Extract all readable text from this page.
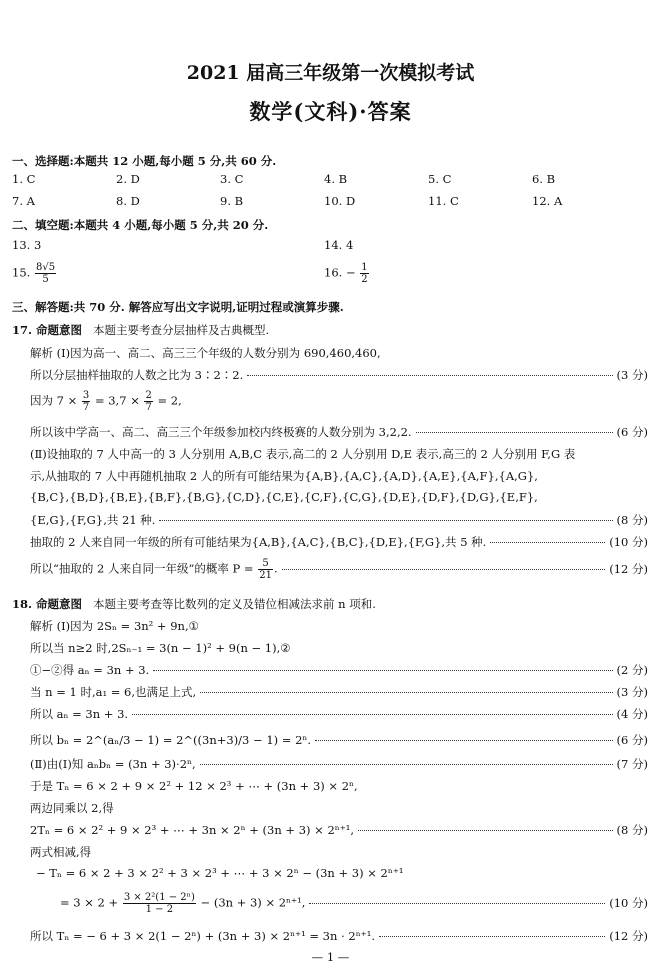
2021 届高三年级第一次模拟考试
数学(文科)·答案
一、选择题:本题共 12 小题,每小题 5 分,共 60 分.
1. C	2. D	3. C	4. B	5. C	6. B
7. A	8. D	9. B	10. D	11. C	12. A
二、填空题:本题共 4 小题,每小题 5 分,共 20 分.
13. 3	14. 4
15. $\frac{8√5}{5}$	16. − $\frac{1}{2}$
三、解答题:共 70 分. 解答应写出文字说明,证明过程或演算步骤.
17. 命题意图 本题主要考查分层抽样及古典概型.
解析 (Ⅰ)因为高一、高二、高三三个年级的人数分别为 690,460,460,
所以分层抽样抽取的人数之比为 3∶2∶2.	(3 分)
因为 $7 \times \frac{3}{7} = 3,7 \times \frac{2}{7} = 2$,
所以该中学高一、高二、高三三个年级参加校内终极赛的人数分别为 3,2,2.	(6 分)
(Ⅱ)设抽取的 7 人中高一的 3 人分别用 A,B,C 表示,高二的 2 人分别用 D,E 表示,高三的 2 人分别用 F,G 表
示,从抽取的 7 人中再随机抽取 2 人的所有可能结果为{A,B},{A,C},{A,D},{A,E},{A,F},{A,G},
{B,C},{B,D},{B,E},{B,F},{B,G},{C,D},{C,E},{C,F},{C,G},{D,E},{D,F},{D,G},{E,F},
{E,G},{F,G},共 21 种.	(8 分)
抽取的 2 人来自同一年级的所有可能结果为{A,B},{A,C},{B,C},{D,E},{F,G},共 5 种.	(10 分)
所以“抽取的 2 人来自同一年级”的概率 $P = \frac{5}{21}$ .	(12 分)
18. 命题意图 本题主要考查等比数列的定义及错位相减法求前 n 项和.
解析 (Ⅰ)因为 2Sₙ = 3n² + 9n,①
所以当 n≥2 时,2Sₙ₋₁ = 3(n − 1)² + 9(n − 1),②
①−②得 aₙ = 3n + 3.	(2 分)
当 n = 1 时,a₁ = 6,也满足上式,	(3 分)
所以 aₙ = 3n + 3.	(4 分)
所以 bₙ = 2^(aₙ/3 − 1) = 2^((3n+3)/3 − 1) = 2ⁿ.	(6 分)
(Ⅱ)由(Ⅰ)知 aₙbₙ = (3n + 3)·2ⁿ,	(7 分)
于是 Tₙ = 6 × 2 + 9 × 2² + 12 × 2³ + ⋯ + (3n + 3) × 2ⁿ,
两边同乘以 2,得
2Tₙ = 6 × 2² + 9 × 2³ + ⋯ + 3n × 2ⁿ + (3n + 3) × 2ⁿ⁺¹,	(8 分)
两式相减,得
− Tₙ = 6 × 2 + 3 × 2² + 3 × 2³ + ⋯ + 3 × 2ⁿ − (3n + 3) × 2ⁿ⁺¹
= $3 \times 2 + \frac{\text{3 × 2²(1 − 2ⁿ)}}{1 - 2} - (3n + 3) \times 2^{n+1}$,	(10 分)
所以 Tₙ = − 6 + 3 × 2(1 − 2ⁿ) + (3n + 3) × 2ⁿ⁺¹ = 3n · 2ⁿ⁺¹.	(12 分)
— 1 —
